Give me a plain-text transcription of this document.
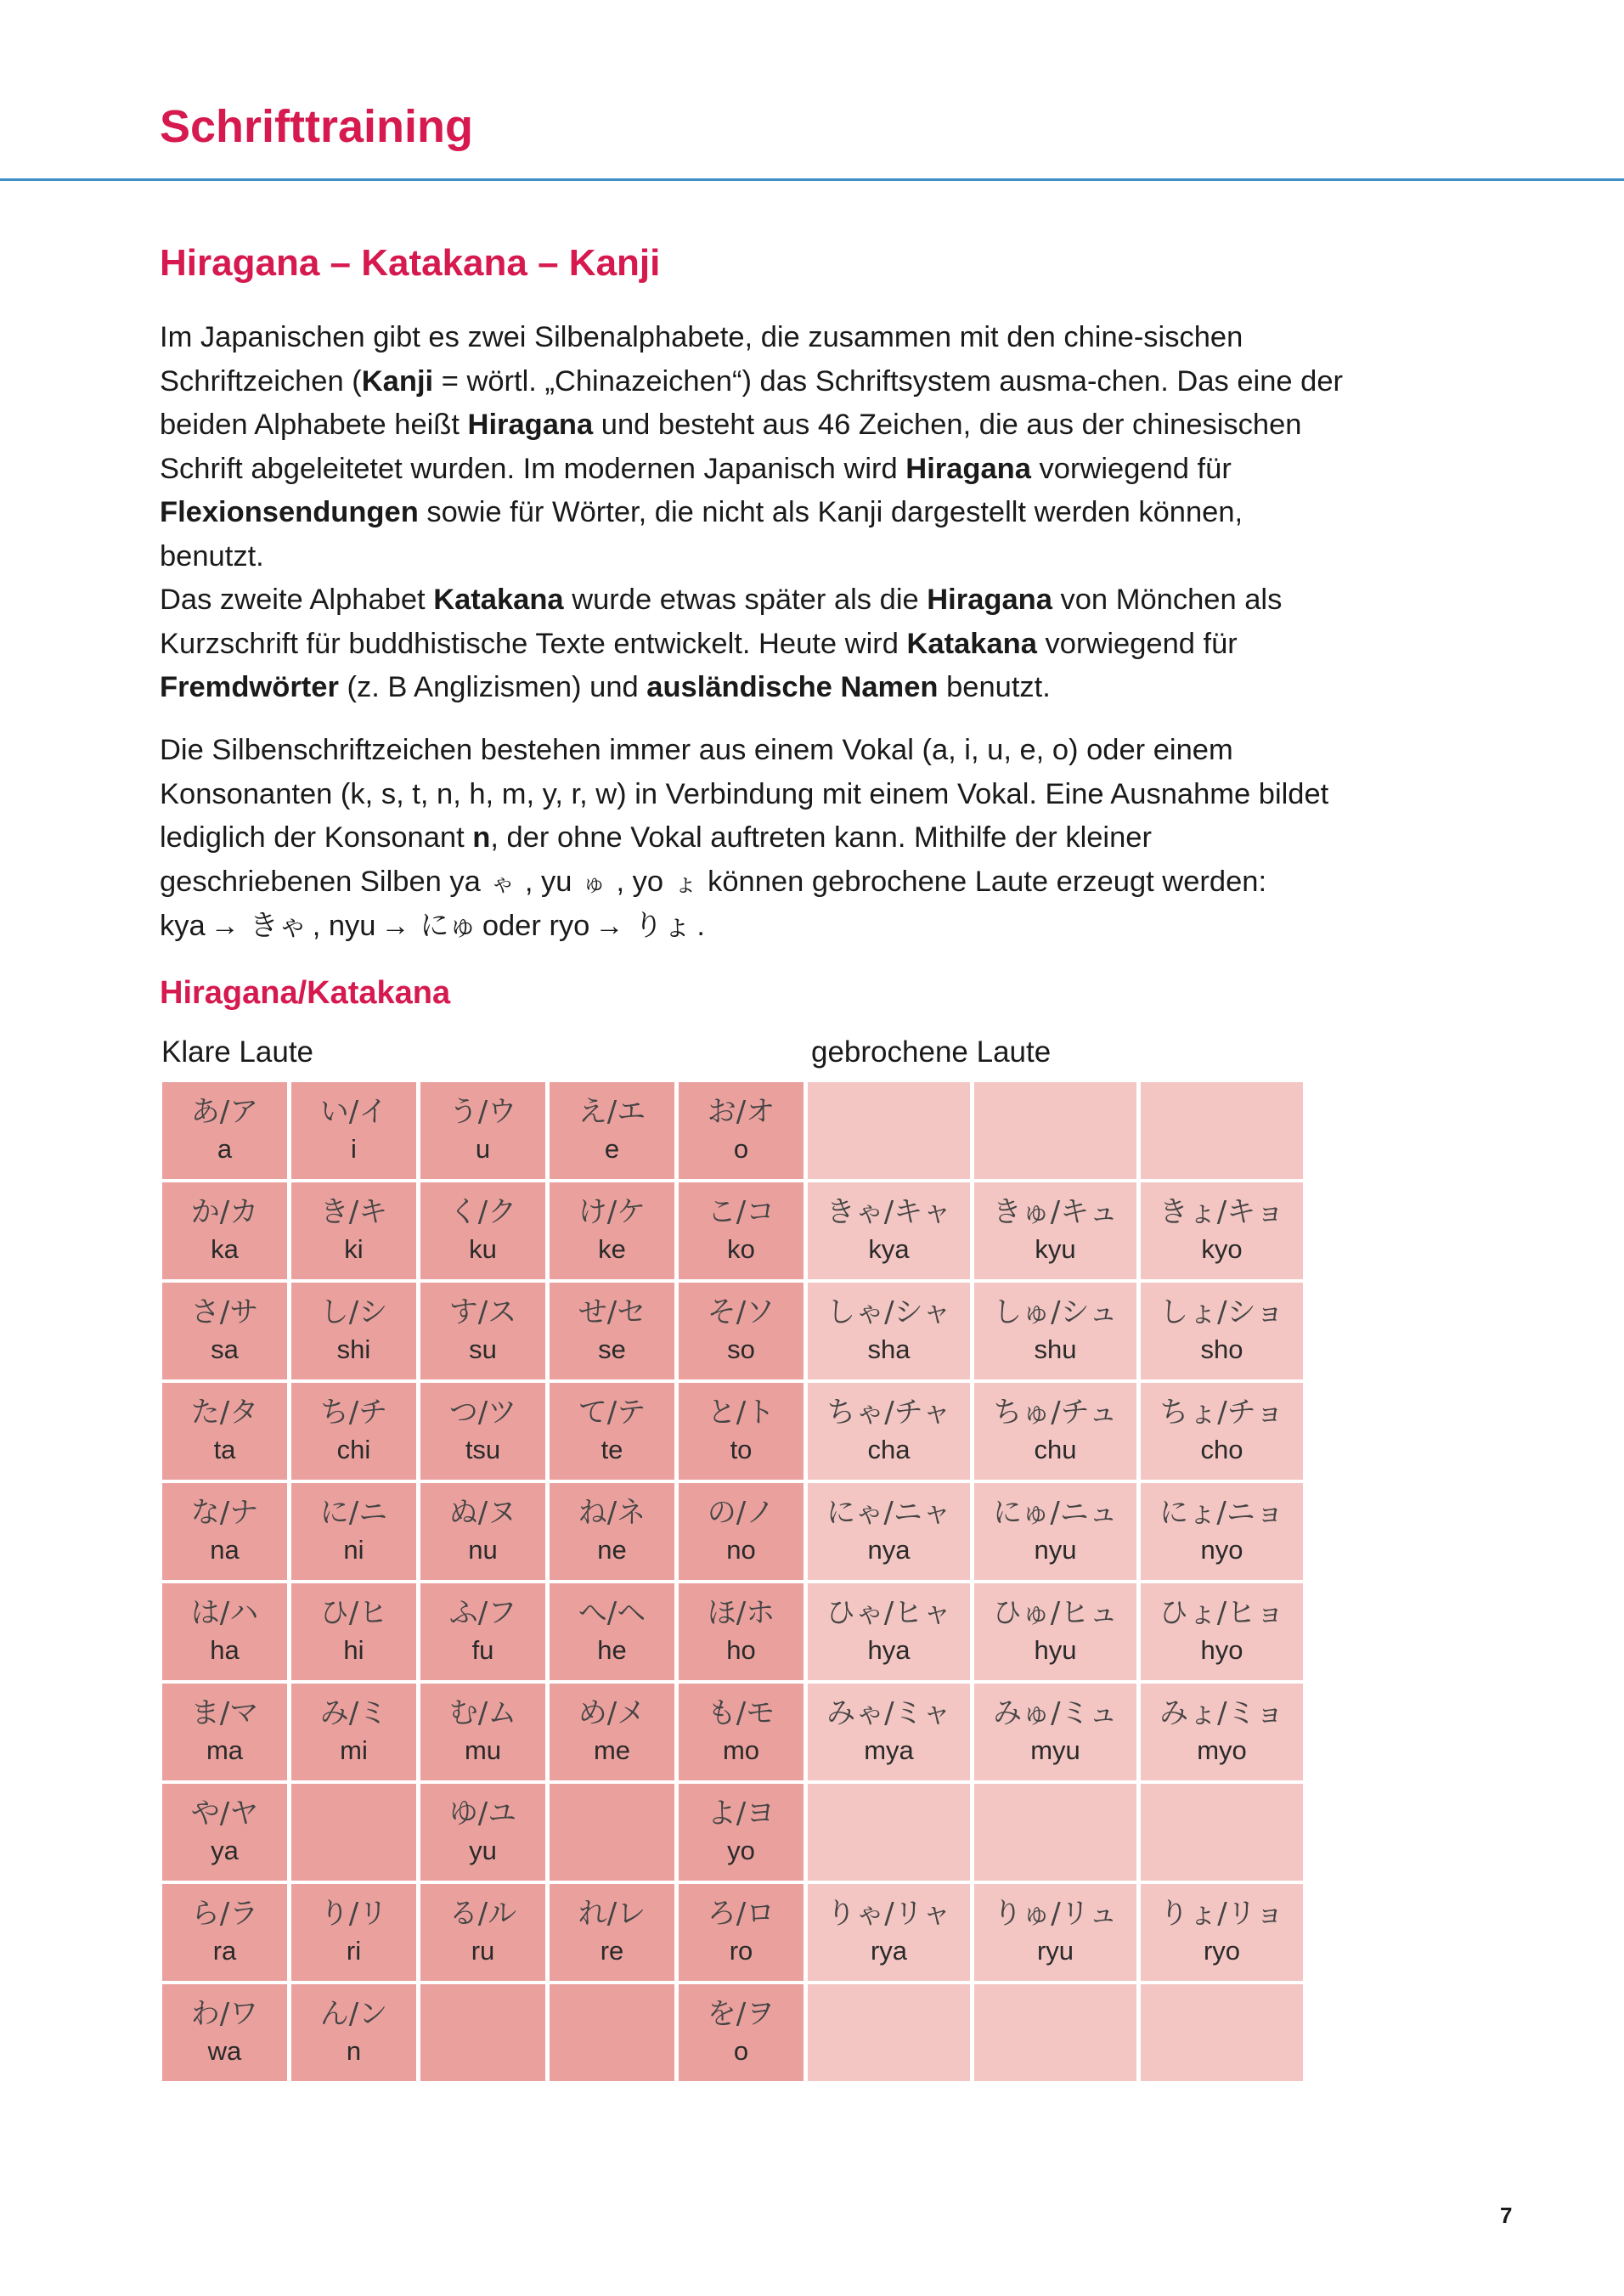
Schrifttraining
Hiragana – Katakana – Kanji

Im Japanischen gibt es zwei Silbenalphabete, die zusammen mit den chine-sischen Schriftzeichen (Kanji = wörtl. „Chinazeichen“) das Schriftsystem ausma-chen. Das eine der beiden Alphabete heißt Hiragana und besteht aus 46 Zeichen, die aus der chinesischen Schrift abgeleitetet wurden. Im modernen Japanisch wird Hiragana vorwiegend für Flexionsendungen sowie für Wörter, die nicht als Kanji dargestellt werden können, benutzt.

Das zweite Alphabet Katakana wurde etwas später als die Hiragana von Mönchen als Kurzschrift für buddhistische Texte entwickelt. Heute wird Katakana vorwiegend für Fremdwörter (z. B Anglizismen) und ausländische Namen benutzt.

Die Silbenschriftzeichen bestehen immer aus einem Vokal (a, i, u, e, o) oder einem Konsonanten (k, s, t, n, h, m, y, r, w) in Verbindung mit einem Vokal. Eine Ausnahme bildet lediglich der Konsonant n, der ohne Vokal auftreten kann. Mithilfe der kleiner geschriebenen Silben ya ゃ , yu ゅ , yo ょ können gebrochene Laute erzeugt werden: kya → きゃ , nyu → にゅ oder ryo → りょ .

Hiragana/Katakana
Klare Laute	gebrochene Laute
あ/ア
a
い/イ
i
う/ウ
u
え/エ
e
お/オ
o
か/カ
ka
き/キ
ki
く/ク
ku
け/ケ
ke
こ/コ
ko
きゃ/キャ
kya
きゅ/キュ
kyu
きょ/キョ
kyo
さ/サ
sa
し/シ
shi
す/ス
su
せ/セ
se
そ/ソ
so
しゃ/シャ
sha
しゅ/シュ
shu
しょ/ショ
sho
た/タ
ta
ち/チ
chi
つ/ツ
tsu
て/テ
te
と/ト
to
ちゃ/チャ
cha
ちゅ/チュ
chu
ちょ/チョ
cho
な/ナ
na
に/ニ
ni
ぬ/ヌ
nu
ね/ネ
ne
の/ノ
no
にゃ/ニャ
nya
にゅ/ニュ
nyu
にょ/ニョ
nyo
は/ハ
ha
ひ/ヒ
hi
ふ/フ
fu
へ/ヘ
he
ほ/ホ
ho
ひゃ/ヒャ
hya
ひゅ/ヒュ
hyu
ひょ/ヒョ
hyo
ま/マ
ma
み/ミ
mi
む/ム
mu
め/メ
me
も/モ
mo
みゃ/ミャ
mya
みゅ/ミュ
myu
みょ/ミョ
myo
や/ヤ
ya
ゆ/ユ
yu
よ/ヨ
yo
ら/ラ
ra
り/リ
ri
る/ル
ru
れ/レ
re
ろ/ロ
ro
りゃ/リャ
rya
りゅ/リュ
ryu
りょ/リョ
ryo
わ/ワ
wa
ん/ン
n
を/ヲ
o
7
